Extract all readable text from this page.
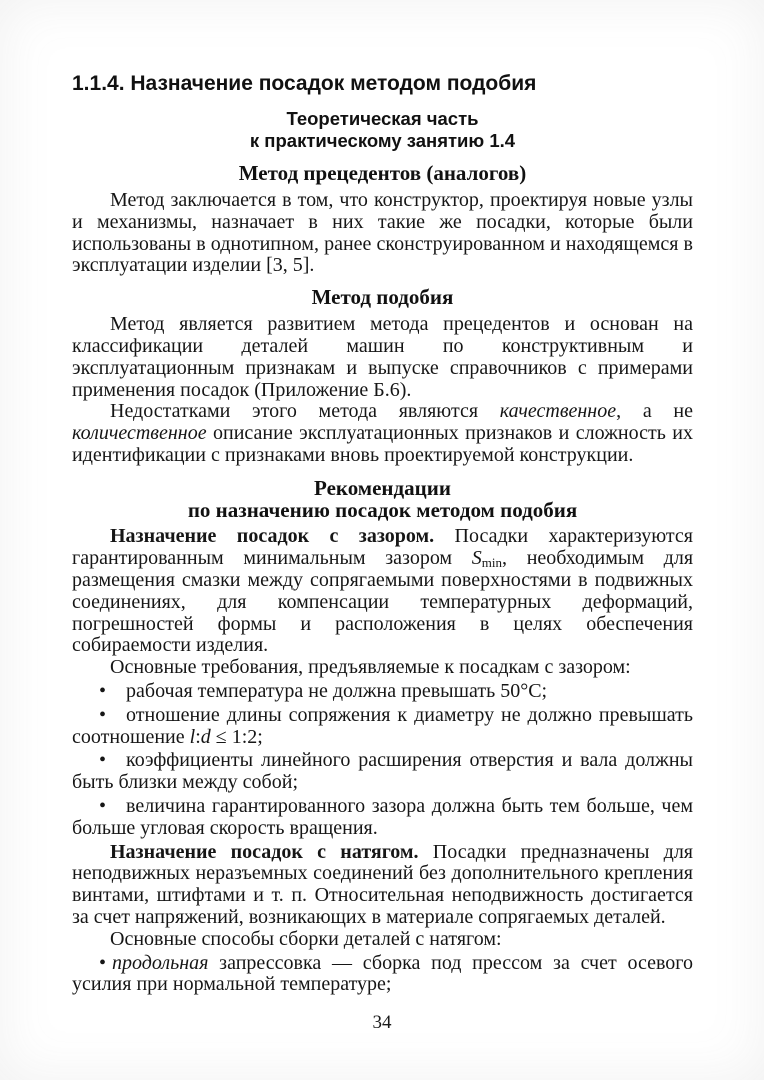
1.1.4. Назначение посадок методом подобия
Теоретическая часть
к практическому занятию 1.4
Метод прецедентов (аналогов)

Метод заключается в том, что конструктор, проектируя новые узлы и механизмы, назначает в них такие же посадки, которые были использованы в однотипном, ранее сконструированном и находящемся в эксплуатации изделии [3, 5].

Метод подобия

Метод является развитием метода прецедентов и основан на классификации деталей машин по конструктивным и эксплуатационным признакам и выпуске справочников с примерами применения посадок (Приложение Б.6).

Недостатками этого метода являются качественное, а не количественное описание эксплуатационных признаков и сложность их идентификации с признаками вновь проектируемой конструкции.

Рекомендации
по назначению посадок методом подобия

Назначение посадок с зазором. Посадки характеризуются гарантированным минимальным зазором $S_{min}$, необходимым для размещения смазки между сопрягаемыми поверхностями в подвижных соединениях, для компенсации температурных деформаций, погрешностей формы и расположения в целях обеспечения собираемости изделия.

Основные требования, предъявляемые к посадкам с зазором:

• рабочая температура не должна превышать 50°С;

• отношение длины сопряжения к диаметру не должно превышать соотношение l:d ≤ 1:2;

• коэффициенты линейного расширения отверстия и вала должны быть близки между собой;

• величина гарантированного зазора должна быть тем больше, чем больше угловая скорость вращения.

Назначение посадок с натягом. Посадки предназначены для неподвижных неразъемных соединений без дополнительного крепления винтами, штифтами и т. п. Относительная неподвижность достигается за счет напряжений, возникающих в материале сопрягаемых деталей.

Основные способы сборки деталей с натягом:

• продольная запрессовка — сборка под прессом за счет осевого усилия при нормальной температуре;

34
